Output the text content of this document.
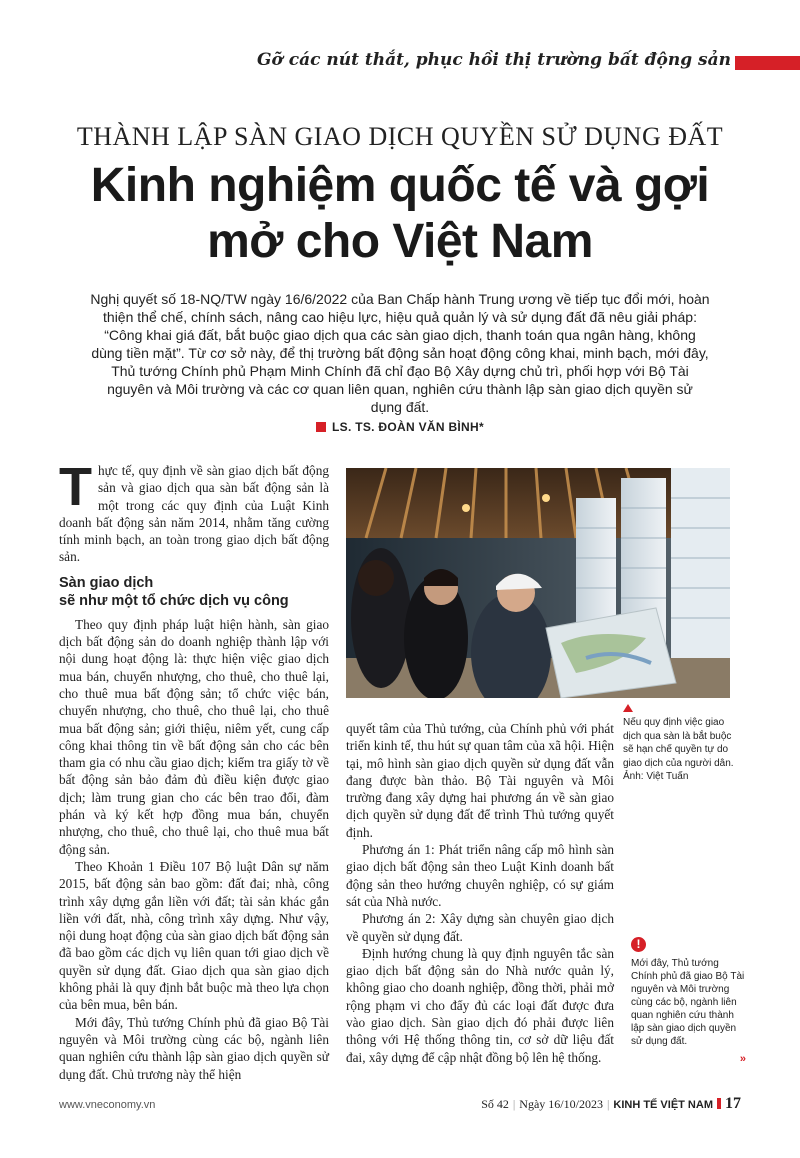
Gỡ các nút thắt, phục hồi thị trường bất động sản
THÀNH LẬP SÀN GIAO DỊCH QUYỀN SỬ DỤNG ĐẤT
Kinh nghiệm quốc tế và gợi mở cho Việt Nam
Nghị quyết số 18-NQ/TW ngày 16/6/2022 của Ban Chấp hành Trung ương về tiếp tục đổi mới, hoàn thiện thể chế, chính sách, nâng cao hiệu lực, hiệu quả quản lý và sử dụng đất đã nêu giải pháp: “Công khai giá đất, bắt buộc giao dịch qua các sàn giao dịch, thanh toán qua ngân hàng, không dùng tiền mặt”. Từ cơ sở này, để thị trường bất động sản hoạt động công khai, minh bạch, mới đây, Thủ tướng Chính phủ Phạm Minh Chính đã chỉ đạo Bộ Xây dựng chủ trì, phối hợp với Bộ Tài nguyên và Môi trường và các cơ quan liên quan, nghiên cứu thành lập sàn giao dịch quyền sử dụng đất.
LS. TS. ĐOÀN VĂN BÌNH*

Thực tế, quy định về sàn giao dịch bất động sản và giao dịch qua sàn bất động sản là một trong các quy định của Luật Kinh doanh bất động sản năm 2014, nhằm tăng cường tính minh bạch, an toàn trong giao dịch bất động sản.

Sàn giao dịch
sẽ như một tổ chức dịch vụ công

Theo quy định pháp luật hiện hành, sàn giao dịch bất động sản do doanh nghiệp thành lập với nội dung hoạt động là: thực hiện việc giao dịch mua bán, chuyển nhượng, cho thuê, cho thuê lại, cho thuê mua bất động sản; tổ chức việc bán, chuyển nhượng, cho thuê, cho thuê lại, cho thuê mua bất động sản; giới thiệu, niêm yết, cung cấp công khai thông tin về bất động sản cho các bên tham gia có nhu cầu giao dịch; kiểm tra giấy tờ về bất động sản bảo đảm đủ điều kiện được giao dịch; làm trung gian cho các bên trao đổi, đàm phán và ký kết hợp đồng mua bán, chuyển nhượng, cho thuê, cho thuê lại, cho thuê mua bất động sản.

Theo Khoản 1 Điều 107 Bộ luật Dân sự năm 2015, bất động sản bao gồm: đất đai; nhà, công trình xây dựng gắn liền với đất; tài sản khác gắn liền với đất, nhà, công trình xây dựng. Như vậy, nội dung hoạt động của sàn giao dịch bất động sản đã bao gồm các dịch vụ liên quan tới giao dịch về quyền sử dụng đất. Giao dịch qua sàn giao dịch không phải là quy định bắt buộc mà theo lựa chọn của bên mua, bên bán.

Mới đây, Thủ tướng Chính phủ đã giao Bộ Tài nguyên và Môi trường cùng các bộ, ngành liên quan nghiên cứu thành lập sàn giao dịch quyền sử dụng đất. Chủ trương này thể hiện

Nếu quy định việc giao dịch qua sàn là bắt buộc sẽ hạn chế quyền tự do giao dịch của người dân.
Ảnh: Việt Tuấn

quyết tâm của Thủ tướng, của Chính phủ với phát triển kinh tế, thu hút sự quan tâm của xã hội. Hiện tại, mô hình sàn giao dịch quyền sử dụng đất vẫn đang được bàn thảo. Bộ Tài nguyên và Môi trường đang xây dựng hai phương án về sàn giao dịch quyền sử dụng đất để trình Thủ tướng quyết định.

Phương án 1: Phát triển nâng cấp mô hình sàn giao dịch bất động sản theo Luật Kinh doanh bất động sản theo hướng chuyên nghiệp, có sự giám sát của Nhà nước.

Phương án 2: Xây dựng sàn chuyên giao dịch về quyền sử dụng đất.

Định hướng chung là quy định nguyên tắc sàn giao dịch bất động sản do Nhà nước quản lý, không giao cho doanh nghiệp, đồng thời, phải mở rộng phạm vi cho đẩy đủ các loại đất được đưa vào giao dịch. Sàn giao dịch đó phải được liên thông với Hệ thống thông tin, cơ sở dữ liệu đất đai, xây dựng để cập nhật đồng bộ lên hệ thống.

!
Mới đây, Thủ tướng Chính phủ đã giao Bộ Tài nguyên và Môi trường cùng các bộ, ngành liên quan nghiên cứu thành lập sàn giao dịch quyền sử dụng đất.
»
www.vneconomy.vn	Số 42 | Ngày 16/10/2023 | KINH TẾ VIỆT NAM 17
